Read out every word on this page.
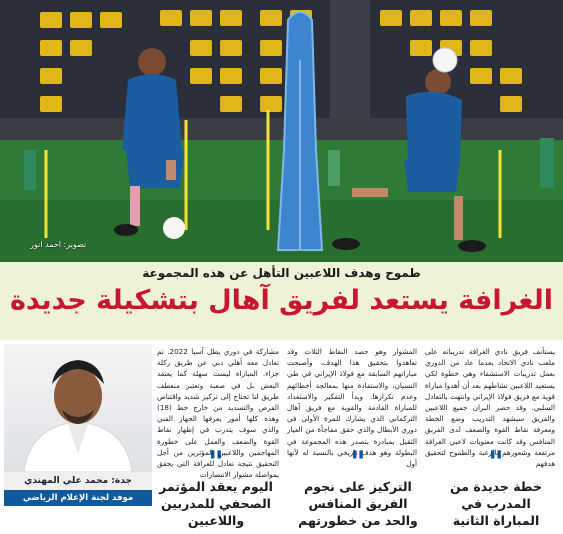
تصوير: احمد انور
طموح وهدف اللاعبين التأهل عن هذه المجموعة
الغرافة يستعد لفريق آهال بتشكيلة جديدة
يستأنف فريق نادي الغرافة تدريباته على ملعب نادي الاتحاد بعدما عاد من الدوري بعمل تدريبات الاستشفاء وهي خطوة لكي يستعيد اللاعبين نشاطهم بعد أن أهدوا مباراة قوية مع فريق فولاذ الإيراني وانتهت بالتعادل السلبي. وقد حضر البران جميع اللاعبين والفريق سيشهد التدريب وضع الخطة ومعرفة نقاط القوة والضعف لدى الفريق المنافس وقد كانت معنويات لاعبي الغرافة مرتفعة وشعورهم بالرغبة والطموح لتحقيق هدفهم
المشوار وهو حصد النقاط الثلاث وقد تعاهدوا بتحقيق هذا الهدف، وأصبحت مباراتهم السابقة مع فولاذ الإيراني في طي النسيان، والاستفادة منها بمعالجة أخطائهم وعدم تكرارها. وبدأ التفكير والاستعداد للمباراة القادمة والقوية مع فريق آهال التركماني الذي يشارك للمرة الأولى في دوري الأبطال والذي حقق مفاجأة من العيار الثقيل بمبادرة بتصدر هذه المجموعة في البطولة وهو هدف تاريخي بالنسبة له لأنها أول
جدة: محمد علي المهندي
موفد لجنة الإعلام الرياضي
"
خطة جديدة من المدرب في المباراة الثانية
"
التركيز على نجوم الفريق المنافس والحد من خطورتهم
"
اليوم يعقد المؤتمر الصحفي للمدربين واللاعبين
مشاركة في دوري يطل آسيا 2022. تم تعادل معه أهلي دبي عن طريق ركلة جزاء. المباراة ليست سهلة كما يعتقد البعض بل في صعبة وتعتبر منعطف طريق لنا تحتاج إلى تركيز شديد واقتناص الفرص والتسديد من خارج خط (18) وهذه كلها أمور يعرفها الجهاز الفني والذي سوف يتدرب في إظهار نقاط القوة والضعف والعمل على خطورة المهاجمين واللاعبين المؤثرين من أجل التحقيق نتيجة تعادل للغرافة التي يحقق بمواصلة مشوار الانتصارات
